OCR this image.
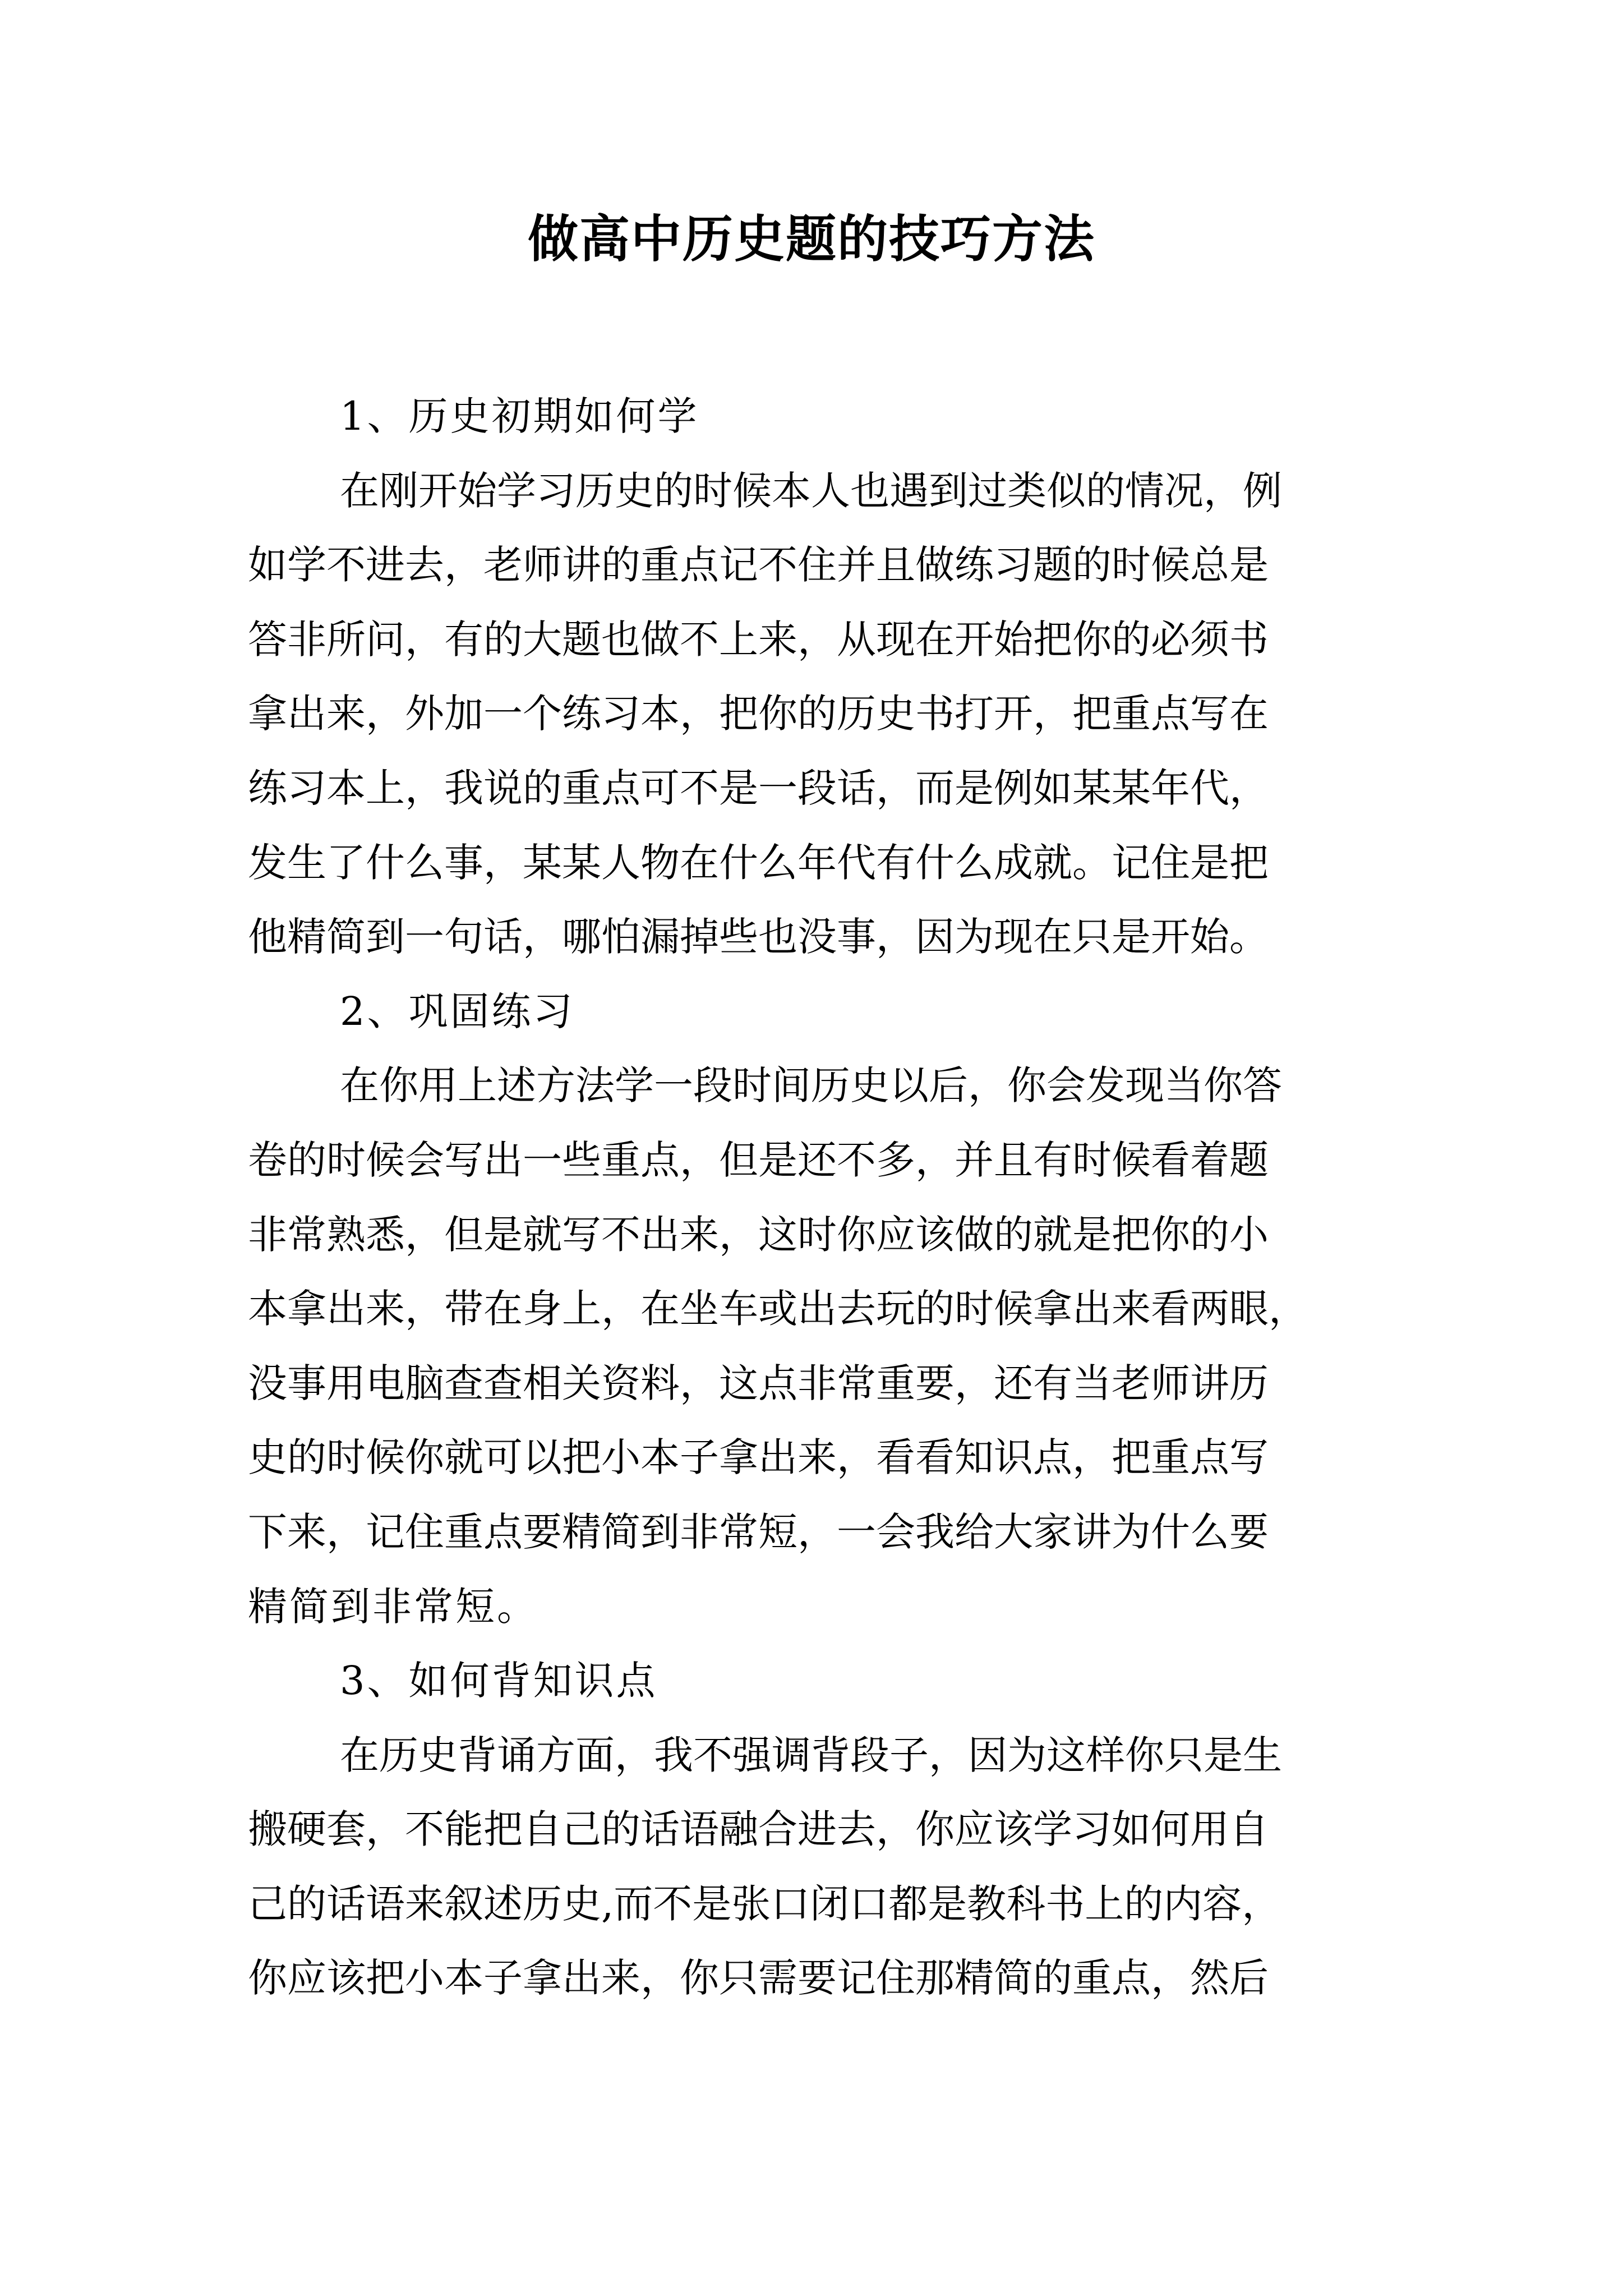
做高中历史题的技巧方法
1、历史初期如何学
在刚开始学习历史的时候本人也遇到过类似的情况，例
如学不进去，老师讲的重点记不住并且做练习题的时候总是
答非所问，有的大题也做不上来，从现在开始把你的必须书
拿出来，外加一个练习本，把你的历史书打开，把重点写在
练习本上，我说的重点可不是一段话，而是例如某某年代，
发生了什么事，某某人物在什么年代有什么成就。记住是把
他精简到一句话，哪怕漏掉些也没事，因为现在只是开始。
2、巩固练习
在你用上述方法学一段时间历史以后，你会发现当你答
卷的时候会写出一些重点，但是还不多，并且有时候看着题
非常熟悉，但是就写不出来，这时你应该做的就是把你的小
本拿出来，带在身上，在坐车或出去玩的时候拿出来看两眼，
没事用电脑查查相关资料，这点非常重要，还有当老师讲历
史的时候你就可以把小本子拿出来，看看知识点，把重点写
下来，记住重点要精简到非常短，一会我给大家讲为什么要
精简到非常短。
3、如何背知识点
在历史背诵方面，我不强调背段子，因为这样你只是生
搬硬套，不能把自己的话语融合进去，你应该学习如何用自
己的话语来叙述历史,而不是张口闭口都是教科书上的内容，
你应该把小本子拿出来，你只需要记住那精简的重点，然后
